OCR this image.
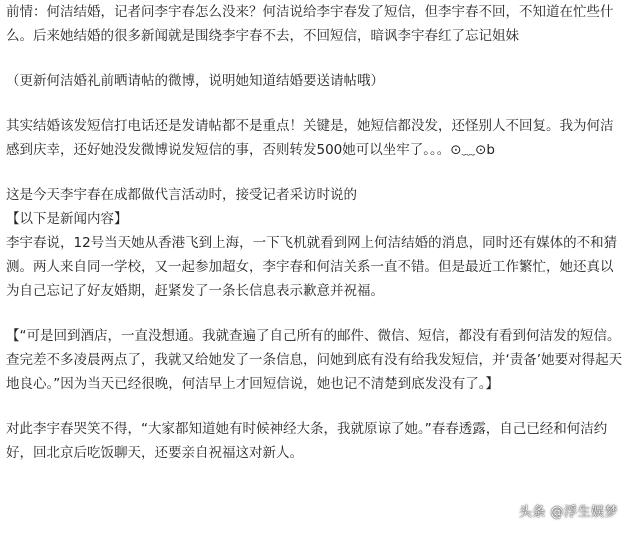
前情：何洁结婚，记者问李宇春怎么没来？何洁说给李宇春发了短信，但李宇春不回，不知道在忙些什么。后来她结婚的很多新闻就是围绕李宇春不去，不回短信，暗讽李宇春红了忘记姐妹

（更新何洁婚礼前晒请帖的微博，说明她知道结婚要送请帖哦）

其实结婚该发短信打电话还是发请帖都不是重点！关键是，她短信都没发，还怪别人不回复。我为何洁感到庆幸，还好她没发微博说发短信的事，否则转发500她可以坐牢了。。。⊙﹏⊙b

这是今天李宇春在成都做代言活动时，接受记者采访时说的

【以下是新闻内容】

李宇春说，12号当天她从香港飞到上海，一下飞机就看到网上何洁结婚的消息，同时还有媒体的不和猜测。两人来自同一学校，又一起参加超女，李宇春和何洁关系一直不错。但是最近工作繁忙，她还真以为自己忘记了好友婚期，赶紧发了一条长信息表示歉意并祝福。

【“可是回到酒店，一直没想通。我就查遍了自己所有的邮件、微信、短信，都没有看到何洁发的短信。查完差不多凌晨两点了，我就又给她发了一条信息，问她到底有没有给我发短信，并‘责备’她要对得起天地良心。”因为当天已经很晚，何洁早上才回短信说，她也记不清楚到底发没有了。】

对此李宇春哭笑不得，“大家都知道她有时候神经大条，我就原谅了她。”春春透露，自己已经和何洁约好，回北京后吃饭聊天，还要亲自祝福这对新人。

头条 @浮生娱梦
